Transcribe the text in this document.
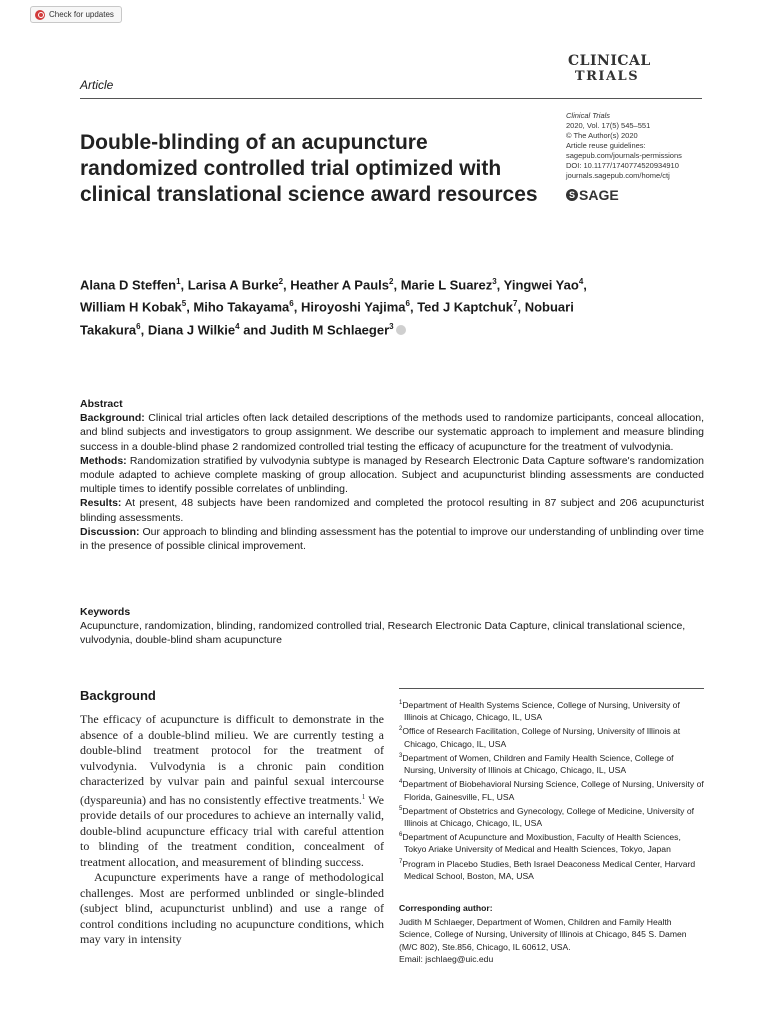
Check for updates
Article
CLINICAL
TRIALS
Double-blinding of an acupuncture randomized controlled trial optimized with clinical translational science award resources
Clinical Trials
2020, Vol. 17(5) 545–551
© The Author(s) 2020
Article reuse guidelines:
sagepub.com/journals-permissions
DOI: 10.1177/1740774520934910
journals.sagepub.com/home/ctj
S SAGE

Alana D Steffen$^1$, Larisa A Burke$^2$, Heather A Pauls$^2$, Marie L Suarez$^3$, Yingwei Yao$^4$, William H Kobak$^5$, Miho Takayama$^6$, Hiroyoshi Yajima$^6$, Ted J Kaptchuk$^7$, Nobuari Takakura$^6$, Diana J Wilkie$^4$ and Judith M Schlaeger$^3$

Abstract

Background: Clinical trial articles often lack detailed descriptions of the methods used to randomize participants, conceal allocation, and blind subjects and investigators to group assignment. We describe our systematic approach to implement and measure blinding success in a double-blind phase 2 randomized controlled trial testing the efficacy of acupuncture for the treatment of vulvodynia.

Methods: Randomization stratified by vulvodynia subtype is managed by Research Electronic Data Capture software's randomization module adapted to achieve complete masking of group allocation. Subject and acupuncturist blinding assessments are conducted multiple times to identify possible correlates of unblinding.

Results: At present, 48 subjects have been randomized and completed the protocol resulting in 87 subject and 206 acupuncturist blinding assessments.

Discussion: Our approach to blinding and blinding assessment has the potential to improve our understanding of unblinding over time in the presence of possible clinical improvement.

Keywords
Acupuncture, randomization, blinding, randomized controlled trial, Research Electronic Data Capture, clinical translational science, vulvodynia, double-blind sham acupuncture
Background

The efficacy of acupuncture is difficult to demonstrate in the absence of a double-blind milieu. We are currently testing a double-blind treatment protocol for the treatment of vulvodynia. Vulvodynia is a chronic pain condition characterized by vulvar pain and painful sexual intercourse (dyspareunia) and has no consistently effective treatments.$^1$ We provide details of our procedures to achieve an internally valid, double-blind acupuncture efficacy trial with careful attention to blinding of the treatment condition, concealment of treatment allocation, and measurement of blinding success.

Acupuncture experiments have a range of methodological challenges. Most are performed unblinded or single-blinded (subject blind, acupuncturist unblind) and use a range of control conditions including no acupuncture conditions, which may vary in intensity

$^1$Department of Health Systems Science, College of Nursing, University of Illinois at Chicago, Chicago, IL, USA
$^2$Office of Research Facilitation, College of Nursing, University of Illinois at Chicago, Chicago, IL, USA
$^3$Department of Women, Children and Family Health Science, College of Nursing, University of Illinois at Chicago, Chicago, IL, USA
$^4$Department of Biobehavioral Nursing Science, College of Nursing, University of Florida, Gainesville, FL, USA
$^5$Department of Obstetrics and Gynecology, College of Medicine, University of Illinois at Chicago, Chicago, IL, USA
$^6$Department of Acupuncture and Moxibustion, Faculty of Health Sciences, Tokyo Ariake University of Medical and Health Sciences, Tokyo, Japan
$^7$Program in Placebo Studies, Beth Israel Deaconess Medical Center, Harvard Medical School, Boston, MA, USA
Corresponding author:
Judith M Schlaeger, Department of Women, Children and Family Health Science, College of Nursing, University of Illinois at Chicago, 845 S. Damen (M/C 802), Ste.856, Chicago, IL 60612, USA.
Email: jschlaeg@uic.edu
